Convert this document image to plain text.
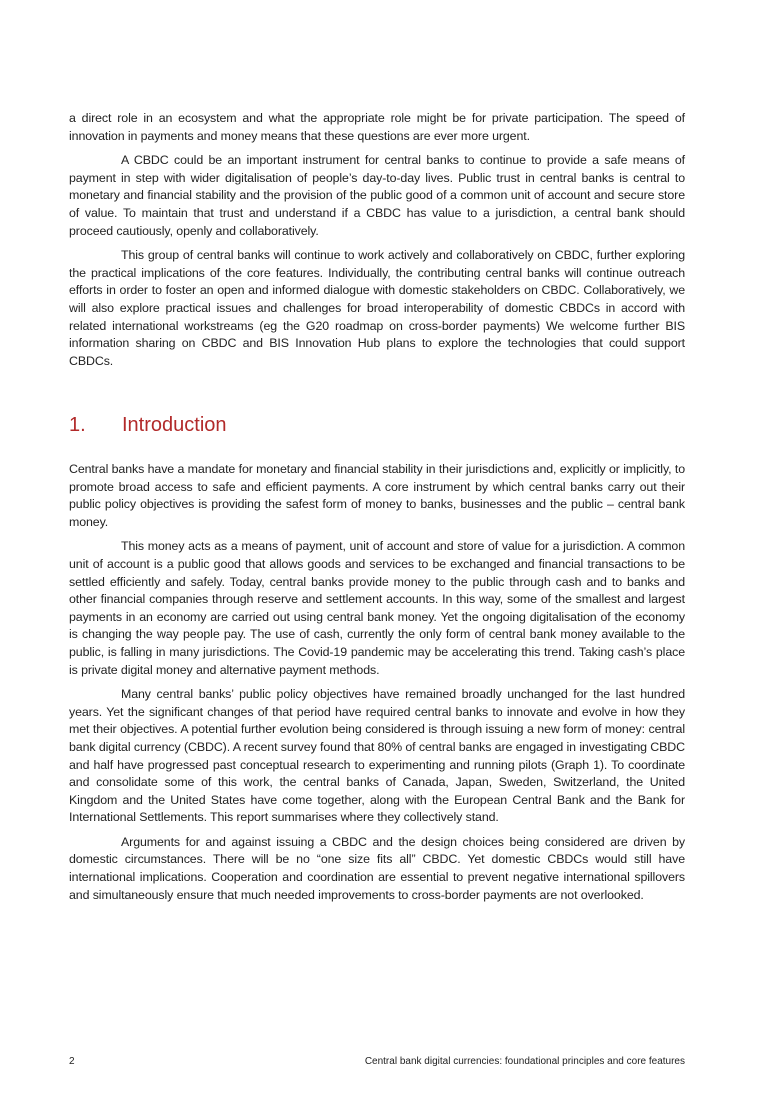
a direct role in an ecosystem and what the appropriate role might be for private participation. The speed of innovation in payments and money means that these questions are ever more urgent.

A CBDC could be an important instrument for central banks to continue to provide a safe means of payment in step with wider digitalisation of people’s day-to-day lives. Public trust in central banks is central to monetary and financial stability and the provision of the public good of a common unit of account and secure store of value. To maintain that trust and understand if a CBDC has value to a jurisdiction, a central bank should proceed cautiously, openly and collaboratively.

This group of central banks will continue to work actively and collaboratively on CBDC, further exploring the practical implications of the core features. Individually, the contributing central banks will continue outreach efforts in order to foster an open and informed dialogue with domestic stakeholders on CBDC. Collaboratively, we will also explore practical issues and challenges for broad interoperability of domestic CBDCs in accord with related international workstreams (eg the G20 roadmap on cross-border payments) We welcome further BIS information sharing on CBDC and BIS Innovation Hub plans to explore the technologies that could support CBDCs.

1.	Introduction

Central banks have a mandate for monetary and financial stability in their jurisdictions and, explicitly or implicitly, to promote broad access to safe and efficient payments. A core instrument by which central banks carry out their public policy objectives is providing the safest form of money to banks, businesses and the public – central bank money.

This money acts as a means of payment, unit of account and store of value for a jurisdiction. A common unit of account is a public good that allows goods and services to be exchanged and financial transactions to be settled efficiently and safely. Today, central banks provide money to the public through cash and to banks and other financial companies through reserve and settlement accounts. In this way, some of the smallest and largest payments in an economy are carried out using central bank money. Yet the ongoing digitalisation of the economy is changing the way people pay. The use of cash, currently the only form of central bank money available to the public, is falling in many jurisdictions. The Covid-19 pandemic may be accelerating this trend. Taking cash’s place is private digital money and alternative payment methods.

Many central banks’ public policy objectives have remained broadly unchanged for the last hundred years. Yet the significant changes of that period have required central banks to innovate and evolve in how they met their objectives. A potential further evolution being considered is through issuing a new form of money: central bank digital currency (CBDC). A recent survey found that 80% of central banks are engaged in investigating CBDC and half have progressed past conceptual research to experimenting and running pilots (Graph 1). To coordinate and consolidate some of this work, the central banks of Canada, Japan, Sweden, Switzerland, the United Kingdom and the United States have come together, along with the European Central Bank and the Bank for International Settlements. This report summarises where they collectively stand.

Arguments for and against issuing a CBDC and the design choices being considered are driven by domestic circumstances. There will be no “one size fits all” CBDC. Yet domestic CBDCs would still have international implications. Cooperation and coordination are essential to prevent negative international spillovers and simultaneously ensure that much needed improvements to cross-border payments are not overlooked.

2	Central bank digital currencies: foundational principles and core features
